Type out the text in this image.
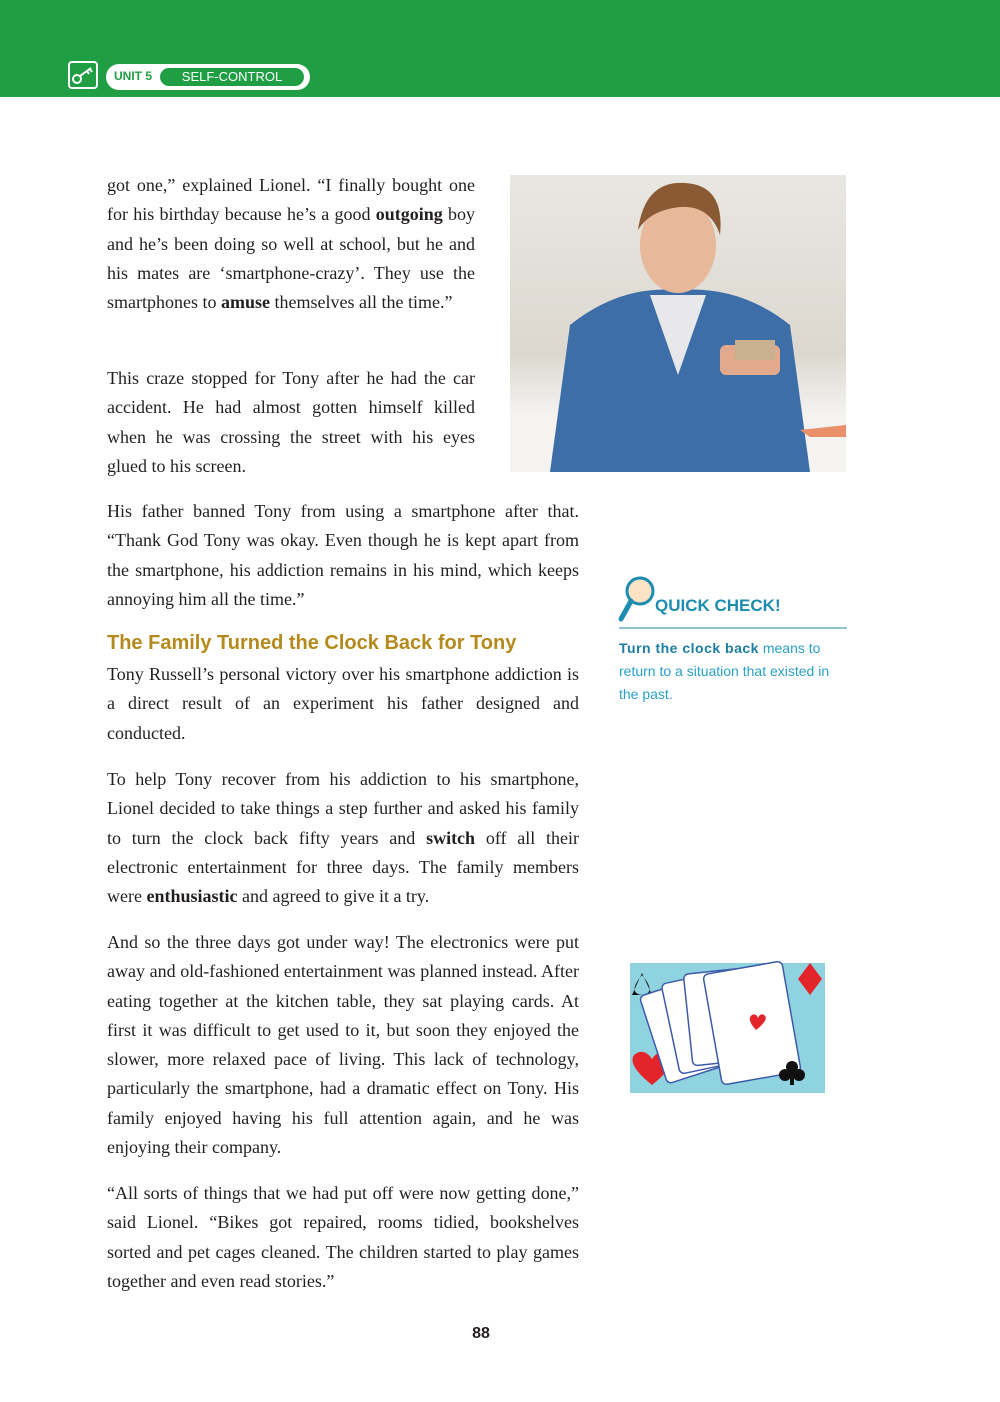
UNIT 5	SELF-CONTROL

got one,” explained Lionel. “I finally bought one for his birthday because he’s a good outgoing boy and he’s been doing so well at school, but he and his mates are ‘smartphone-crazy’. They use the smartphones to amuse themselves all the time.”

This craze stopped for Tony after he had the car accident. He had almost gotten himself killed when he was crossing the street with his eyes glued to his screen.

His father banned Tony from using a smartphone after that. “Thank God Tony was okay. Even though he is kept apart from the smartphone, his addiction remains in his mind, which keeps annoying him all the time.”

The Family Turned the Clock Back for Tony

Tony Russell’s personal victory over his smartphone addiction is a direct result of an experiment his father designed and conducted.

To help Tony recover from his addiction to his smartphone, Lionel decided to take things a step further and asked his family to turn the clock back fifty years and switch off all their electronic entertainment for three days. The family members were enthusiastic and agreed to give it a try.

And so the three days got under way! The electronics were put away and old-fashioned entertainment was planned instead. After eating together at the kitchen table, they sat playing cards. At first it was difficult to get used to it, but soon they enjoyed the slower, more relaxed pace of living. This lack of technology, particularly the smartphone, had a dramatic effect on Tony. His family enjoyed having his full attention again, and he was enjoying their company.

“All sorts of things that we had put off were now getting done,” said Lionel. “Bikes got repaired, rooms tidied, bookshelves sorted and pet cages cleaned. The children started to play games together and even read stories.”

QUICK CHECK!
Turn the clock back means to return to a situation that existed in the past.
88
